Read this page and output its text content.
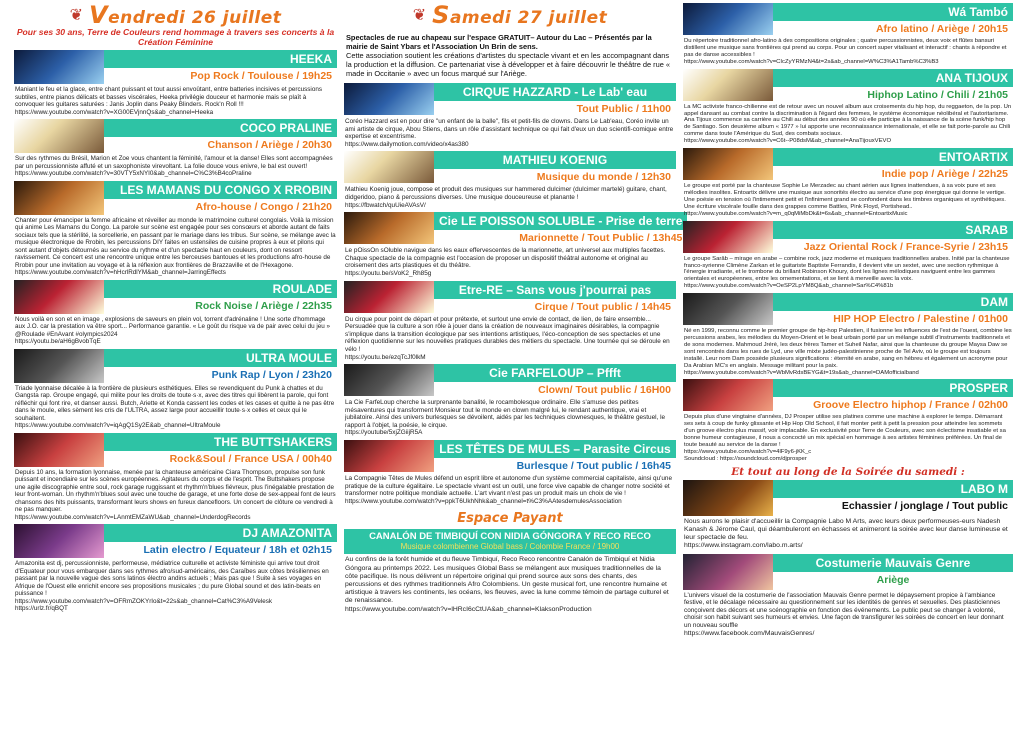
❦ Vendredi 26 juillet
Pour ses 30 ans, Terre de Couleurs rend hommage à travers ses concerts à la Création Féminine
HEEKA
Pop Rock / Toulouse / 19h25
Maniant le feu et la glace, entre chant puissant et tout aussi envoûtant, entre batteries incisives et percussions subtiles, entre pianos délicats et basses viscérales, Heeka privilégie douceur et harmonie mais se plaît à convoquer les guitares saturées : Janis Joplin dans Peaky Blinders. Rock'n Roll !!!
https://www.youtube.com/watch?v=XG00EVjnnQs&ab_channel=Heeka
COCO PRALINE
Chanson / Ariège / 20h30
Sur des rythmes du Brésil, Marion et Zoe vous chantent la féminité, l'amour et la danse! Elles sont accompagnées par un percussionniste affuté et un saxophoniste virevoltant. La folie douce vous enivre, le bal est ouvert!
https://www.youtube.com/watch?v=30VTY5xNYI0&ab_channel=C%C3%B4coPraline
LES MAMANS DU CONGO X RROBIN
Afro-house / Congo / 21h20
Chanter pour émanciper la femme africaine et réveiller au monde le matrimoine culturel congolais. Voilà la mission qui anime Les Mamans du Congo. La parole sur scène est engagée pour ses consœurs et aborde autant de faits sociaux tels que la stérilité, la sorcellerie, en passant par le mariage dans les tribus. Sur scène, se mélange avec la musique électronique de Rrobin, les percussions DIY faites en ustensiles de cuisine propres à eux et pilons qui sont autant d'objets détournés au service du rythme et d'un spectacle haut en couleurs, dont on ressort ravissement. Ce concert est une rencontre unique entre les berceuses bantoues et les productions afro-house de Rrobin pour une invitation au voyage et à la réflexion aux frontières de Brazzaville et de l'Hexagone.
https://www.youtube.com/watch?v=hHcrlRdlYM&ab_channel=JarringEffects
ROULADE
Rock Noise / Ariège / 22h35
Nous voilà en son et en image , explosions de saveurs en plein vol, torrent d'adrénaline ! Une sorte d'hommage aux J.O. car la prestation va être sport... Performance garantie. « Le goût du risque va de pair avec celui du jeu » @Roulade #EnAvant #olympics2024
https://youtu.be/aH6gBvobTqE
ULTRA MOULE
Punk Rap / Lyon / 23h20
Triade lyonnaise décalée à la frontière de plusieurs esthétiques. Elles se revendiquent du Punk à chattes et du Gangsta rap. Groupe engagé, qui milite pour les droits de toute·s·x, avec des titres qui libèrent la parole, qui font réfléchir qui font rire, et danser aussi. Butch, Ariette et Konda cassent les codes et les cases et quitte à ne pas être dans le moule, elles sèment les cris de l'ULTRA, assez large pour accueillir toute·s·x celles et ceux qui le souhaitent.
https://www.youtube.com/watch?v=iqAgQ1Sy2E&ab_channel=UltraMoule
THE BUTTSHAKERS
Rock&Soul / France USA / 00h40
Depuis 10 ans, la formation lyonnaise, menée par la chanteuse américaine Ciara Thompson, propulse son funk puissant et incendiaire sur les scènes européennes. Agitateurs du corps et de l'esprit. The Buttshakers propose une agile discographie entre soul, rock garage ruggissant et rhythm'n'blues fiévreux, plus l'inégalable prestation de leur front-woman. Un rhythm'n'blues soul avec une touche de garage, et une forte dose de sex-appeal font de leurs chansons des hits puissants, transformant leurs shows en fureux dancefloors. Un concert de clôture ce vendredi à ne pas manquer.
https://www.youtube.com/watch?v=LAnmtEMZaWU&ab_channel=UnderdogRecords
DJ AMAZONITA
Latin electro / Equateur / 18h et 02h15
Amazonita est dj, percussionniste, performeuse, médiatrice culturelle et activiste féministe qui arrive tout droit d'Equateur pour vous embarquer dans ses rythmes afro/sud-américains, des Caraïbes aux côtes brésiliennes en passant par la nouvelle vague des sons latinos électro andins actuels ; Mais pas que ! Suite à ses voyages en Afrique de l'Ouest elle enrichit encore ses propositions musicales ; du pure Global sound et des latin-beats en puissance !
https://www.youtube.com/watch?v=OFRmZOKYrIo&t=22s&ab_channel=Cat%C3%A9Velesk
https://urlz.fr/qBQT
❦ Samedi 27 juillet
Spectacles de rue au chapeau sur l'espace GRATUIT– Autour du Lac – Présentés par la mairie de Saint Ybars et l'Association Un Brin de sens.
Cette association soutient les créations d'artistes du spectacle vivant et en les accompagnant dans la production et la diffusion. Ce partenariat vise à développer et à faire découvrir le théâtre de rue « made in Occitanie » avec un focus marqué sur l'Ariège.
CIRQUE HAZZARD - Le Lab' eau
Tout Public / 11h00
Coréo Hazzard est en pour dire "un enfant de la balle", fils et petit-fils de clowns. Dans Le Lab'eau, Coréo invite un ami artiste de cirque, Abou Stiens, dans un rôle d'assistant technique ce qui fait d'eux un duo scientifi-comique entre expertise et excentrisme.
https://www.dailymotion.com/video/x4as380
MATHIEU KOENIG
Musique du monde / 12h30
Mathieu Koenig joue, compose et produit des musiques sur hammered dulcimer (dulcimer martelé) guitare, chant, didgeridoo, piano & percussions diverses. Une musique douceureuse et planante !
https://fbwatch/quUieAVAsV/
Cie LE POISSON SOLUBLE - Prise de terre
Marionnette / Tout Public / 13h45
Le pOissOn sOluble navigue dans les eaux effervescentes de la marionnette, art universel aux multiples facettes. Chaque spectacle de la compagnie est l'occasion de proposer un dispositif théâtral autonome et original au croisement des arts plastiques et du théâtre.
https://youtu.be/sVoK2_Rh85g
Etre-RE – Sans vous j'pourrai pas
Cirque / Tout public / 14h45
Du cirque pour point de départ et pour prétexte, et surtout une envie de contact, de lien, de faire ensemble... Persuadée que la culture a son rôle à jouer dans la création de nouveaux imaginaires désirables, la compagnie s'implique dans la transition écologique par ses intentions artistiques, l'éco-conception de ses spectacles et une réflexion quotidienne sur les nouvelles pratiques durables des métiers du spectacle. Une tournée qui se déroule en vélo !
https://youtu.be/ezqTcJf0lkM
Cie FARFELOUP – Pffft
Clown/ Tout public / 16H00
La Cie FarfeLoup cherche la surprenante banalité, le rocambolesque ordinaire. Elle s'amuse des petites mésaventures qui transforment Monsieur tout le monde en clown malgré lui, le rendant authentique, vrai et jubilatoire. Ainsi des univers burlesques se dévoilent, aidés par les techniques clownesques, le théâtre gestuel, le rapport à l'objet, la poésie, le cirque.
https://youtube/5xjZGiijR5A
LES TÊTES DE MULES – Parasite Circus
Burlesque / Tout public / 16h45
La Compagnie Têtes de Mules défend un esprit libre et autonome d'un système commercial capitaliste, ainsi qu'une pratique de la culture égalitaire. Le spectacle vivant est un outil, une force vive capable de changer notre société et transformer notre politique mondiale actuelle. L'art vivant n'est pas un produit mais un choix de vie !
https://www.youtube.com/watch?v=ppkT6UkhNhk&ab_channel=t%C3%AAtesdemulesAssociation
Espace Payant
CANALÓN DE TIMBIQUÍ CON NIDIA GÓNGORA Y RECO RECO
Musique colombienne Global bass / Colombie France / 19h00
Au confins de la forêt humide et du fleuve Timbiquí, Reco Reco rencontre Canalón de Timbiquí et Nidia Góngora au printemps 2022. Les musiques Global Bass se mélangent aux musiques traditionnelles de la côte pacifique. Ils nous délivrent un répertoire original qui prend source aux sons des chants, des percussions et des rythmes traditionnels Afro Colombiens. Un geste musical fort, une rencontre humaine et artistique à travers les continents, les océans, les fleuves, avec la lune comme témoin de partage culturel et de renaissance.
https://www.youtube.com/watch?v=lHRcI6cCtUA&ab_channel=KlaksonProduction
Wá Tambó
Afro latino / Ariège / 20h15
Du répertoire traditionnel afro-latino à des compositions originales ; quatre percussionnistes, deux voix et flûtes bansuri distillent une musique sans frontières qui prend au corps. Pour un concert super vitalisant et interactif : chants à répondre et pas de danse accessibles !
https://www.youtube.com/watch?v=CIcZyYRMzN4&t=2s&ab_channel=W%C3%A1Tamb%C3%B3
ANA TIJOUX
Hiphop Latino / Chili / 21h05
La MC activiste franco-chilienne est de retour avec un nouvel album aux croisements du hip hop, du reggaeton, de la pop. Un appel dansant au combat contre la discrimination à l'égard des femmes, le système économique néolibéral et l'autoritarisme. Ana Tijoux commence sa carrière au Chili au début des années 90 où elle participe à la naissance de la scène funk/hip hop de Santiago. Son deuxième album « 1977 » lui apporte une reconnaissance internationale, et elle se fait porte-parole au Chili comme dans toute l'Amérique du Sud, des combats sociaux.
https://www.youtube.com/watch?v=C6t--P08dsM&ab_channel=AnaTijouxVEVO
ENTOARTIX
Indie pop / Ariège / 22h25
Le groupe est porté par la chanteuse Sophie Le Merzadec au chant aérien aux lignes inattendues, à sa voix pure et ses mélodies insolites. Entoartix délivre une musique aux sonorités électro au service d'une pop énergique qui donne le vertige. Une poésie en tension où l'intimement petit et l'infiniment grand se confondent dans les timbres organiques et synthétiques. Une écriture viscérale fouille dans des grappes comme Battles, Pink Floyd, Portishead..
https://www.youtube.com/watch?v=m_q0qMiMbDk&t=6s&ab_channel=EntoartixMusic
SARAB
Jazz Oriental Rock / France-Syrie / 23h15
Le groupe Sarâb – mirage en arabe – combine rock, jazz moderne et musiques traditionnelles arabes. Initié par la chanteuse franco-syrienne Climène Zarkan et le guitariste Baptiste Ferrandis, il devient vite un sextet, avec une section rythmique à l'énergie irradiante, et le trombone du brillant Robinson Khoury, dont les lignes mélodiques naviguent entre les gammes orientales et européennes, entre les ornementations, et se lient à merveille avec la voix.
https://www.youtube.com/watch?v=OeSP2LpYM8Q&ab_channel=Sar%C4%81b
DAM
HIP HOP Electro / Palestine / 01h00
Né en 1999, reconnu comme le premier groupe de hip-hop Palestien, il fusionne les influences de l'est de l'ouest, combine les percussions arabes, les mélodies du Moyen-Orient et le beat urbain porté par un mélange subtil d'instruments traditionnels et de sons modernes. Mahmoud Jrérè, les deux frères Tamer et Suheil Nafar, ainsi que la chanteuse du groupe Maysa Daw se sont rencontrés dans les rues de Lyd, une ville mixte judéo-palestinienne proche de Tel Aviv, où le groupe est toujours installé. Leur nom Dam possède plusieurs significations : éternité en arabe, sang en hébreu et également un acronyme pour Da Arabian MC's en anglais. Message militant pour la paix.
https://www.youtube.com/watch?v=WbMvRdsBEYG&t=19s&ab_channel=DAMofficialband
PROSPER
Groove Electro hiphop / France / 02h00
Depuis plus d'une vingtaine d'années, DJ Prosper utilise ses platines comme une machine à explorer le temps. Démarrant ses sets à coup de funky glissante et Hip Hop Old School, il fait monter petit à petit la pression pour atteindre les sommets d'un groove électro plus massif, voir implacable. En exclusivité pour Terre de Couleurs, avec son éclectisme insatiable et sa bonne humeur contagieuse, il nous a concocté un mix spécial en hommage à ses artistes féminines préférées. Un final de toute beauté au service de la danse !
https://www.youtube.com/watch?v=4lF9y6-jKK_c
Soundcloud : https://soundcloud.com/djprosper
Et tout au long de la Soirée du samedi :
LABO M
Echassier / jonglage / Tout public
Nous aurons le plaisir d'accueillir la Compagnie Labo M Arts, avec leurs deux performeuses-eurs Nadesh Kanash & Jérome Caul, qui déambuleront en échasses et animeront la soirée avec leur danse lumineuse et leur spectacle de feu.
https://www.instagram.com/labo.m.arts/
Costumerie Mauvais Genre
Ariège
L'univers visuel de la costumerie de l'association Mauvais Genre permet le dépaysement propice à l'ambiance festive, et le décalage nécessaire au questionnement sur les identités de genres et sexuelles. Des plasticiennes conçoivent des décors et une scénographie en fonction des événements. Le public peut se changer à volonté, choisir son habit suivant ses humeurs et envies. Une façon de transfigurer les soirées de concert en leur donnant un nouveau souffle
https://www.facebook.com/MauvaisGenres/
